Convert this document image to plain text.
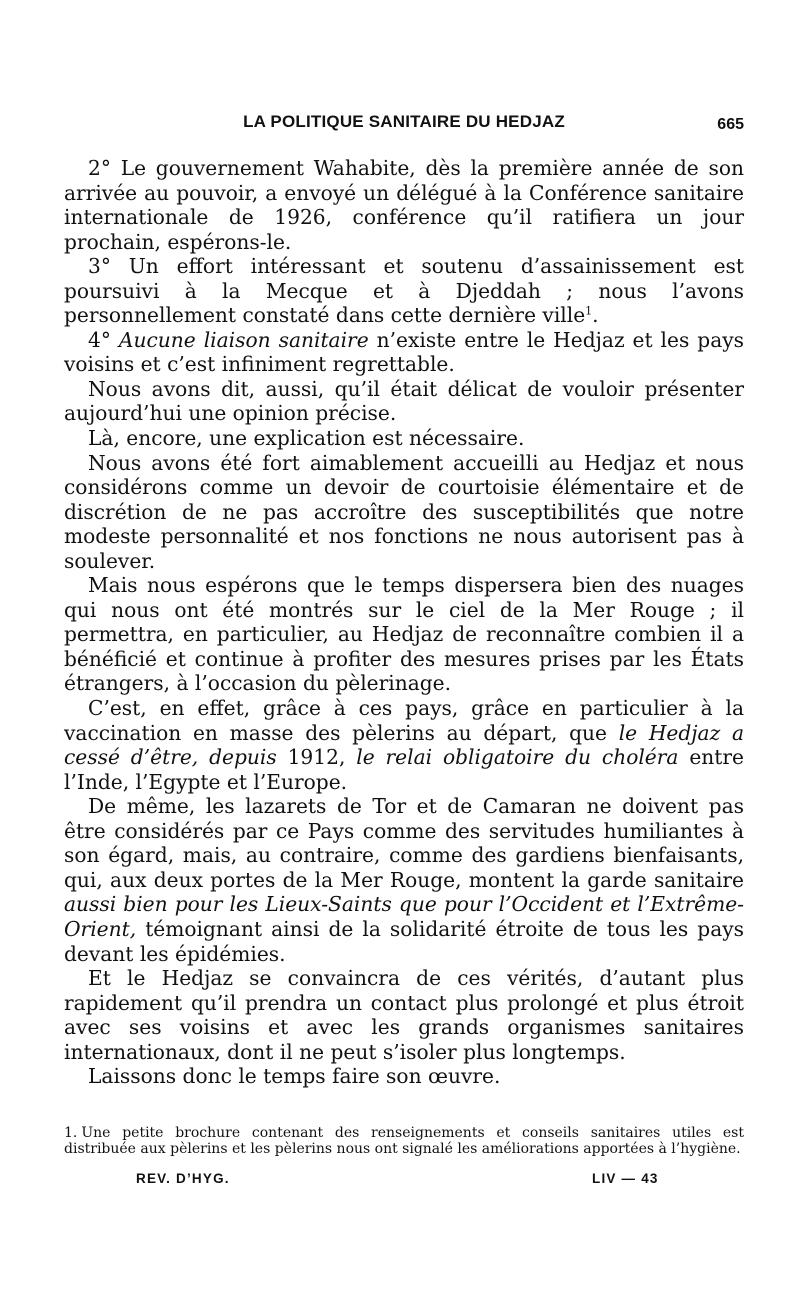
LA POLITIQUE SANITAIRE DU HEDJAZ	665

2° Le gouvernement Wahabite, dès la première année de son arrivée au pouvoir, a envoyé un délégué à la Conférence sanitaire internationale de 1926, conférence qu’il ratifiera un jour prochain, espérons-le.

3° Un effort intéressant et soutenu d’assainissement est poursuivi à la Mecque et à Djeddah ; nous l’avons personnellement constaté dans cette dernière ville$^1$.

4° Aucune liaison sanitaire n’existe entre le Hedjaz et les pays voisins et c’est infiniment regrettable.

Nous avons dit, aussi, qu’il était délicat de vouloir présenter aujourd’hui une opinion précise.

Là, encore, une explication est nécessaire.

Nous avons été fort aimablement accueilli au Hedjaz et nous considérons comme un devoir de courtoisie élémentaire et de discrétion de ne pas accroître des susceptibilités que notre modeste personnalité et nos fonctions ne nous autorisent pas à soulever.

Mais nous espérons que le temps dispersera bien des nuages qui nous ont été montrés sur le ciel de la Mer Rouge ; il permettra, en particulier, au Hedjaz de reconnaître combien il a bénéficié et continue à profiter des mesures prises par les États étrangers, à l’occasion du pèlerinage.

C’est, en effet, grâce à ces pays, grâce en particulier à la vaccination en masse des pèlerins au départ, que le Hedjaz a cessé d’être, depuis 1912, le relai obligatoire du choléra entre l’Inde, l’Egypte et l’Europe.

De même, les lazarets de Tor et de Camaran ne doivent pas être considérés par ce Pays comme des servitudes humiliantes à son égard, mais, au contraire, comme des gardiens bienfaisants, qui, aux deux portes de la Mer Rouge, montent la garde sanitaire aussi bien pour les Lieux-Saints que pour l’Occident et l’Extrême-Orient, témoignant ainsi de la solidarité étroite de tous les pays devant les épidémies.

Et le Hedjaz se convaincra de ces vérités, d’autant plus rapidement qu’il prendra un contact plus prolongé et plus étroit avec ses voisins et avec les grands organismes sanitaires internationaux, dont il ne peut s’isoler plus longtemps.

Laissons donc le temps faire son œuvre.

1. Une petite brochure contenant des renseignements et conseils sanitaires utiles est distribuée aux pèlerins et les pèlerins nous ont signalé les améliorations apportées à l’hygiène.
REV. D’HYG.	LIV — 43
